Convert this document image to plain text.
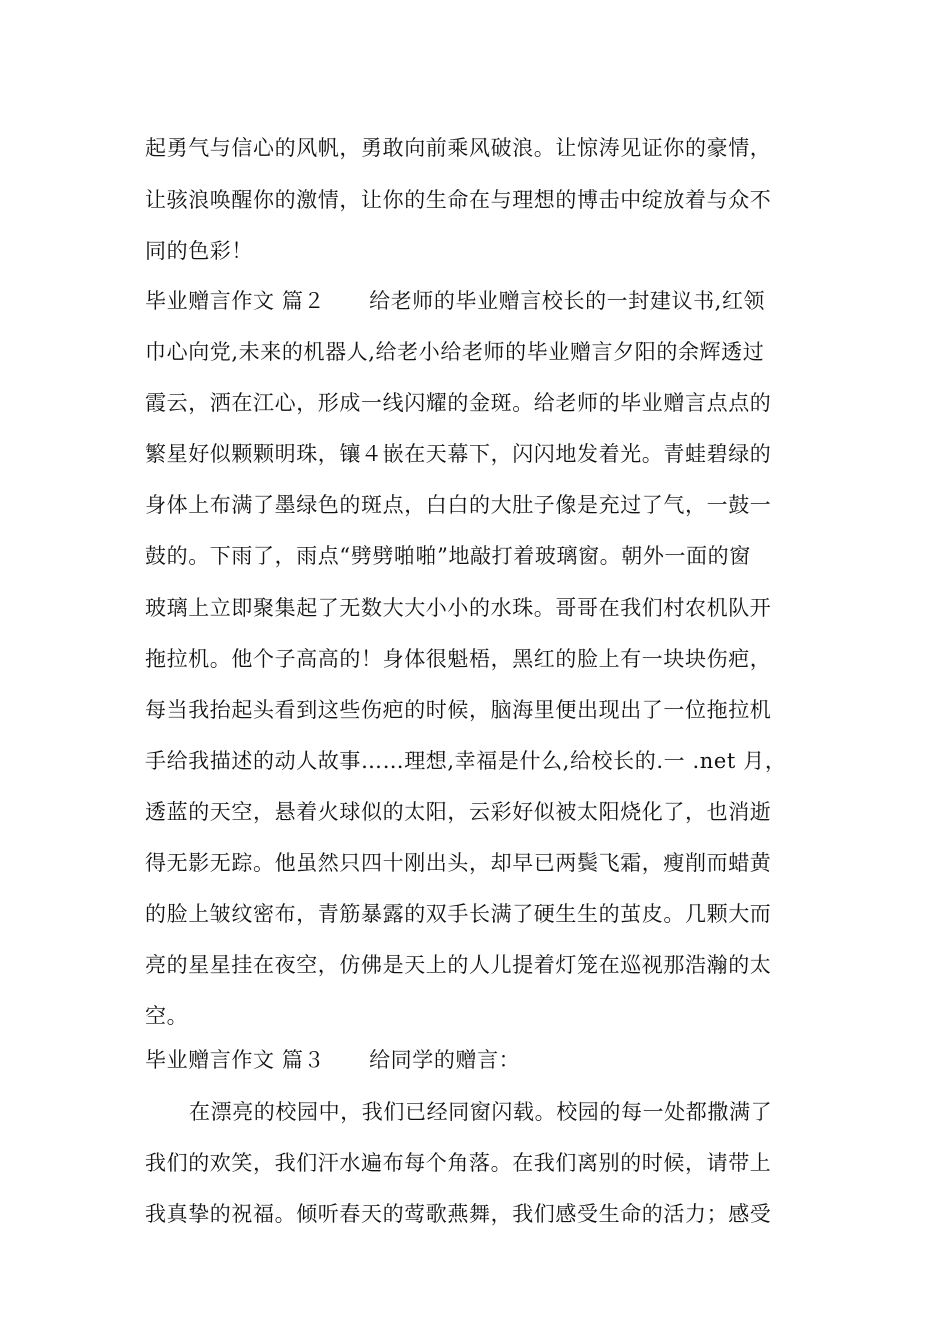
起勇气与信心的风帆，勇敢向前乘风破浪。让惊涛见证你的豪情，
让骇浪唤醒你的激情，让你的生命在与理想的博击中绽放着与众不
同的色彩！
毕业赠言作文 篇２ 给老师的毕业赠言校长的一封建议书,红领
巾心向党,未来的机器人,给老小给老师的毕业赠言夕阳的余辉透过
霞云，洒在江心，形成一线闪耀的金斑。给老师的毕业赠言点点的
繁星好似颗颗明珠，镶４嵌在天幕下，闪闪地发着光。青蛙碧绿的
身体上布满了墨绿色的斑点，白白的大肚子像是充过了气，一鼓一
鼓的。下雨了，雨点“劈劈啪啪”地敲打着玻璃窗。朝外一面的窗
玻璃上立即聚集起了无数大大小小的水珠。哥哥在我们村农机队开
拖拉机。他个子高高的！身体很魁梧，黑红的脸上有一块块伤疤，
每当我抬起头看到这些伤疤的时候，脑海里便出现出了一位拖拉机
手给我描述的动人故事……理想,幸福是什么,给校长的.一 .net 月，
透蓝的天空，悬着火球似的太阳，云彩好似被太阳烧化了，也消逝
得无影无踪。他虽然只四十刚出头，却早已两鬓飞霜，瘦削而蜡黄
的脸上皱纹密布，青筋暴露的双手长满了硬生生的茧皮。几颗大而
亮的星星挂在夜空，仿佛是天上的人儿提着灯笼在巡视那浩瀚的太
空。
毕业赠言作文 篇３ 给同学的赠言：
在漂亮的校园中，我们已经同窗闪载。校园的每一处都撒满了
我们的欢笑，我们汗水遍布每个角落。在我们离别的时候，请带上
我真挚的祝福。倾听春天的莺歌燕舞，我们感受生命的活力；感受
